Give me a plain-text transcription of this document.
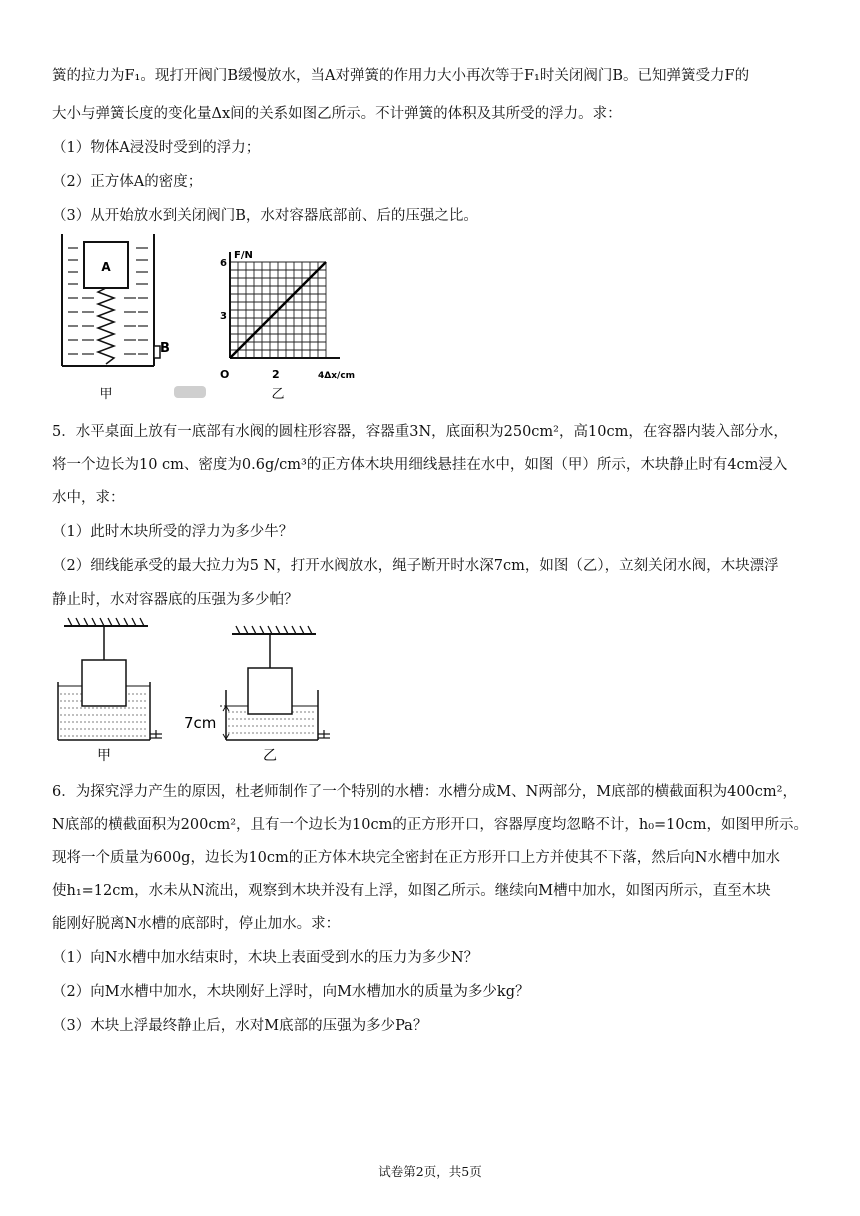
簧的拉力为F₁。现打开阀门B缓慢放水，当A对弹簧的作用力大小再次等于F₁时关闭阀门B。已知弹簧受力F的
大小与弹簧长度的变化量Δx间的关系如图乙所示。不计弹簧的体积及其所受的浮力。求：
（1）物体A浸没时受到的浮力；
（2）正方体A的密度；
（3）从开始放水到关闭阀门B，水对容器底部前、后的压强之比。
A
B
甲
F/N
6
3
O	2	4Δx/cm
乙
5．水平桌面上放有一底部有水阀的圆柱形容器，容器重3N，底面积为250cm²，高10cm，在容器内装入部分水，
将一个边长为10 cm、密度为0.6g/cm³的正方体木块用细线悬挂在水中，如图（甲）所示，木块静止时有4cm浸入
水中，求：
（1）此时木块所受的浮力为多少牛？
（2）细线能承受的最大拉力为5 N，打开水阀放水，绳子断开时水深7cm，如图（乙），立刻关闭水阀，木块漂浮
静止时，水对容器底的压强为多少帕？
甲
7cm
乙
6．为探究浮力产生的原因，杜老师制作了一个特别的水槽：水槽分成M、N两部分，M底部的横截面积为400cm²，
N底部的横截面积为200cm²，且有一个边长为10cm的正方形开口，容器厚度均忽略不计，h₀=10cm，如图甲所示。
现将一个质量为600g，边长为10cm的正方体木块完全密封在正方形开口上方并使其不下落，然后向N水槽中加水
使h₁=12cm，水未从N流出，观察到木块并没有上浮，如图乙所示。继续向M槽中加水，如图丙所示，直至木块
能刚好脱离N水槽的底部时，停止加水。求：
（1）向N水槽中加水结束时，木块上表面受到水的压力为多少N？
（2）向M水槽中加水，木块刚好上浮时，向M水槽加水的质量为多少kg？
（3）木块上浮最终静止后，水对M底部的压强为多少Pa？
试卷第2页，共5页
